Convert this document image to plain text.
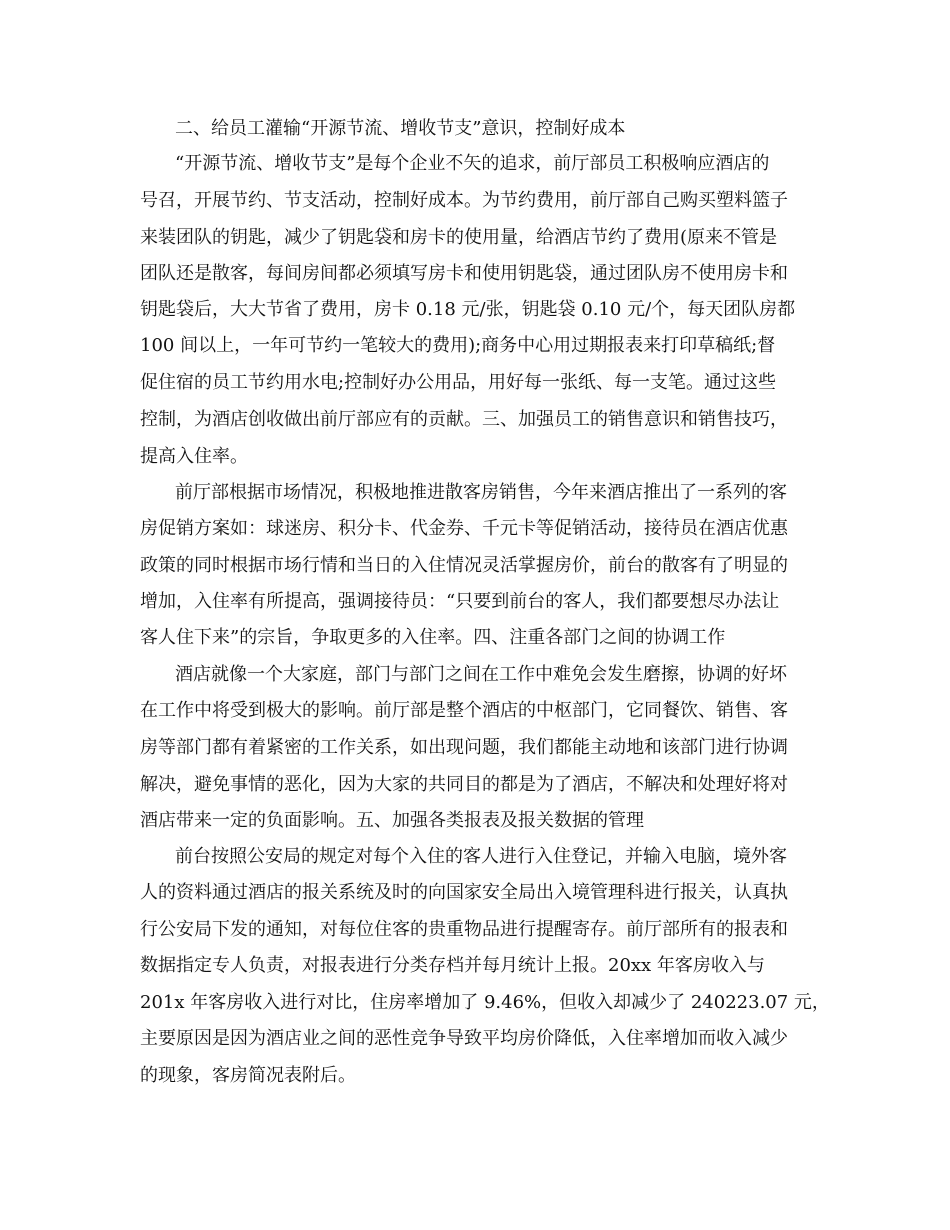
二、给员工灌输“开源节流、增收节支”意识，控制好成本
“开源节流、增收节支”是每个企业不矢的追求，前厅部员工积极响应酒店的
号召，开展节约、节支活动，控制好成本。为节约费用，前厅部自己购买塑料篮子
来装团队的钥匙，减少了钥匙袋和房卡的使用量，给酒店节约了费用(原来不管是
团队还是散客，每间房间都必须填写房卡和使用钥匙袋，通过团队房不使用房卡和
钥匙袋后，大大节省了费用，房卡 0.18 元/张，钥匙袋 0.10 元/个，每天团队房都
100 间以上，一年可节约一笔较大的费用);商务中心用过期报表来打印草稿纸;督
促住宿的员工节约用水电;控制好办公用品，用好每一张纸、每一支笔。通过这些
控制，为酒店创收做出前厅部应有的贡献。三、加强员工的销售意识和销售技巧，
提高入住率。
前厅部根据市场情况，积极地推进散客房销售，今年来酒店推出了一系列的客
房促销方案如：球迷房、积分卡、代金券、千元卡等促销活动，接待员在酒店优惠
政策的同时根据市场行情和当日的入住情况灵活掌握房价，前台的散客有了明显的
增加，入住率有所提高，强调接待员：“只要到前台的客人，我们都要想尽办法让
客人住下来”的宗旨，争取更多的入住率。四、注重各部门之间的协调工作
酒店就像一个大家庭，部门与部门之间在工作中难免会发生磨擦，协调的好坏
在工作中将受到极大的影响。前厅部是整个酒店的中枢部门，它同餐饮、销售、客
房等部门都有着紧密的工作关系，如出现问题，我们都能主动地和该部门进行协调
解决，避免事情的恶化，因为大家的共同目的都是为了酒店，不解决和处理好将对
酒店带来一定的负面影响。五、加强各类报表及报关数据的管理
前台按照公安局的规定对每个入住的客人进行入住登记，并输入电脑，境外客
人的资料通过酒店的报关系统及时的向国家安全局出入境管理科进行报关，认真执
行公安局下发的通知，对每位住客的贵重物品进行提醒寄存。前厅部所有的报表和
数据指定专人负责，对报表进行分类存档并每月统计上报。20xx 年客房收入与
201x 年客房收入进行对比，住房率增加了 9.46%，但收入却减少了 240223.07 元，
主要原因是因为酒店业之间的恶性竞争导致平均房价降低，入住率增加而收入减少
的现象，客房简况表附后。
